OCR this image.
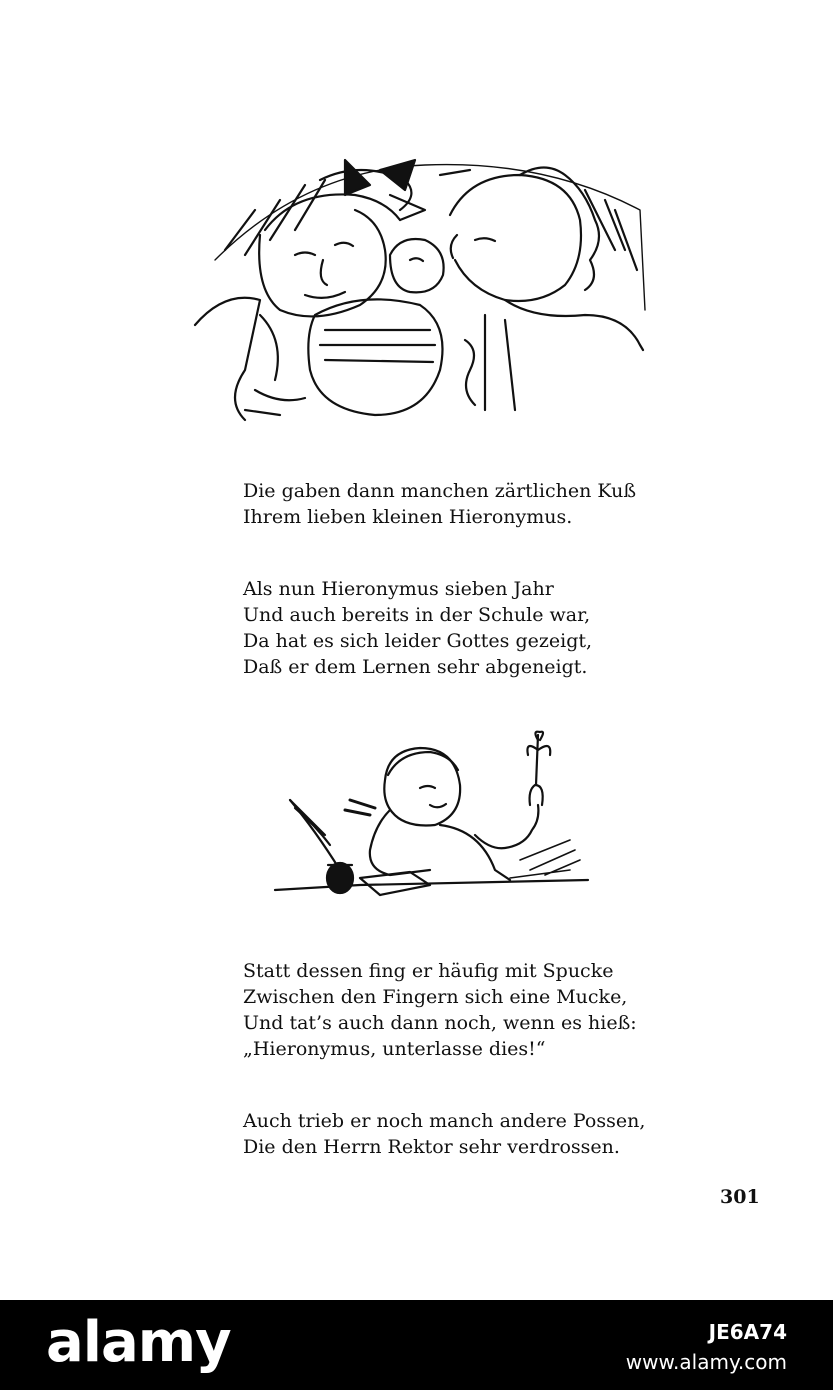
Die gaben dann manchen zärtlichen Kuß
Ihrem lieben kleinen Hieronymus.

Als nun Hieronymus sieben Jahr
Und auch bereits in der Schule war,
Da hat es sich leider Gottes gezeigt,
Daß er dem Lernen sehr abgeneigt.

Statt dessen fing er häufig mit Spucke
Zwischen den Fingern sich eine Mucke,
Und tat’s auch dann noch, wenn es hieß:
„Hieronymus, unterlasse dies!“

Auch trieb er noch manch andere Possen,
Die den Herrn Rektor sehr verdrossen.

301
alamy	JE6A74
www.alamy.com
